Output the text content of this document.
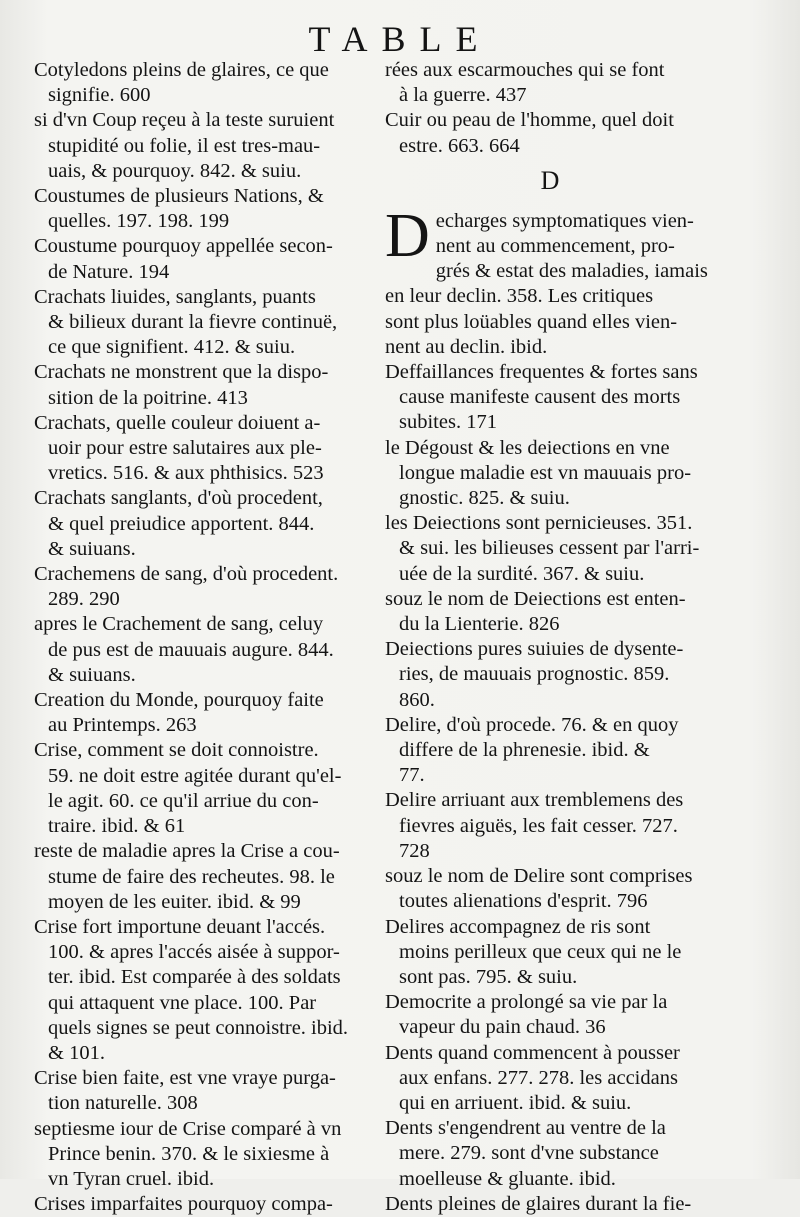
TABLE
Cotyledons pleins de glaires, ce que
signifie. 600
si d'vn Coup reçeu à la teste suruient
stupidité ou folie, il est tres-mau-
uais, & pourquoy. 842. & suiu.
Coustumes de plusieurs Nations, &
quelles. 197. 198. 199
Coustume pourquoy appellée secon-
de Nature. 194
Crachats liuides, sanglants, puants
& bilieux durant la fievre continuë,
ce que signifient. 412. & suiu.
Crachats ne monstrent que la dispo-
sition de la poitrine. 413
Crachats, quelle couleur doiuent a-
uoir pour estre salutaires aux ple-
vretics. 516. & aux phthisics. 523
Crachats sanglants, d'où procedent,
& quel preiudice apportent. 844.
& suiuans.
Crachemens de sang, d'où procedent.
289. 290
apres le Crachement de sang, celuy
de pus est de mauuais augure. 844.
& suiuans.
Creation du Monde, pourquoy faite
au Printemps. 263
Crise, comment se doit connoistre.
59. ne doit estre agitée durant qu'el-
le agit. 60. ce qu'il arriue du con-
traire. ibid. & 61
reste de maladie apres la Crise a cou-
stume de faire des recheutes. 98. le
moyen de les euiter. ibid. & 99
Crise fort importune deuant l'accés.
100. & apres l'accés aisée à suppor-
ter. ibid. Est comparée à des soldats
qui attaquent vne place. 100. Par
quels signes se peut connoistre. ibid.
& 101.
Crise bien faite, est vne vraye purga-
tion naturelle. 308
septiesme iour de Crise comparé à vn
Prince benin. 370. & le sixiesme à
vn Tyran cruel. ibid.
Crises imparfaites pourquoy compa-
rées aux escarmouches qui se font
à la guerre. 437
Cuir ou peau de l'homme, quel doit
estre. 663. 664
D
D echarges symptomatiques vien-
nent au commencement, pro-
grés & estat des maladies, iamais
en leur declin. 358. Les critiques
sont plus loüables quand elles vien-
nent au declin. ibid.
Deffaillances frequentes & fortes sans
cause manifeste causent des morts
subites. 171
le Dégoust & les deiections en vne
longue maladie est vn mauuais pro-
gnostic. 825. & suiu.
les Deiections sont pernicieuses. 351.
& sui. les bilieuses cessent par l'arri-
uée de la surdité. 367. & suiu.
souz le nom de Deiections est enten-
du la Lienterie. 826
Deiections pures suiuies de dysente-
ries, de mauuais prognostic. 859.
860.
Delire, d'où procede. 76. & en quoy
differe de la phrenesie. ibid. &
77.
Delire arriuant aux tremblemens des
fievres aiguës, les fait cesser. 727.
728
souz le nom de Delire sont comprises
toutes alienations d'esprit. 796
Delires accompagnez de ris sont
moins perilleux que ceux qui ne le
sont pas. 795. & suiu.
Democrite a prolongé sa vie par la
vapeur du pain chaud. 36
Dents quand commencent à pousser
aux enfans. 277. 278. les accidans
qui en arriuent. ibid. & suiu.
Dents s'engendrent au ventre de la
mere. 279. sont d'vne substance
moelleuse & gluante. ibid.
Dents pleines de glaires durant la fie-
